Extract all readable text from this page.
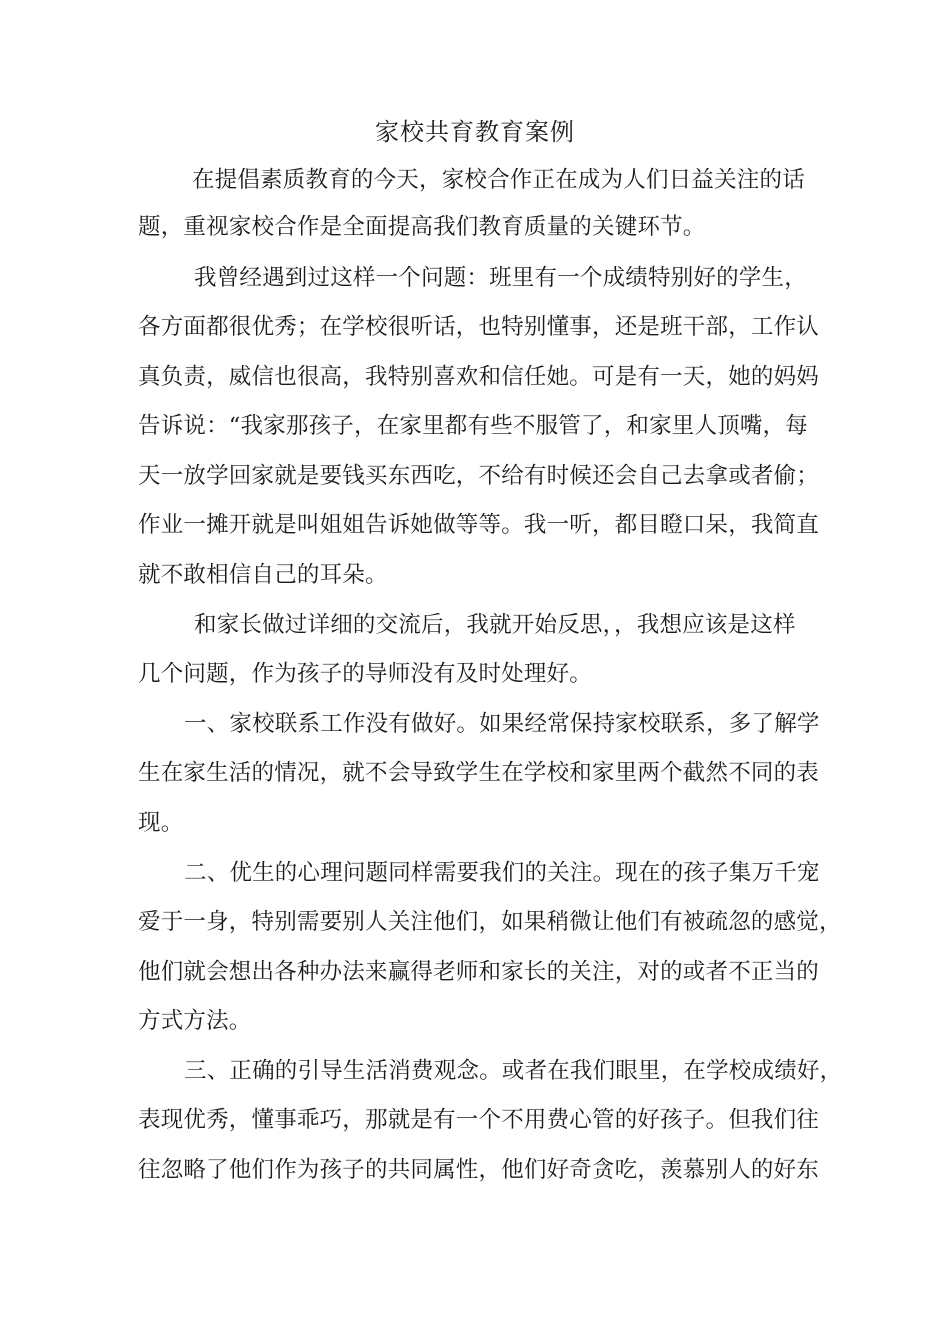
家校共育教育案例
在提倡素质教育的今天，家校合作正在成为人们日益关注的话
题，重视家校合作是全面提高我们教育质量的关键环节。
我曾经遇到过这样一个问题：班里有一个成绩特别好的学生，
各方面都很优秀；在学校很听话，也特别懂事，还是班干部，工作认
真负责，威信也很高，我特别喜欢和信任她。可是有一天，她的妈妈
告诉说：“我家那孩子，在家里都有些不服管了，和家里人顶嘴，每
天一放学回家就是要钱买东西吃，不给有时候还会自己去拿或者偷；
作业一摊开就是叫姐姐告诉她做等等。我一听，都目瞪口呆，我简直
就不敢相信自己的耳朵。
和家长做过详细的交流后，我就开始反思，，我想应该是这样
几个问题，作为孩子的导师没有及时处理好。
一、家校联系工作没有做好。如果经常保持家校联系，多了解学
生在家生活的情况，就不会导致学生在学校和家里两个截然不同的表
现。
二、优生的心理问题同样需要我们的关注。现在的孩子集万千宠
爱于一身，特别需要别人关注他们，如果稍微让他们有被疏忽的感觉，
他们就会想出各种办法来赢得老师和家长的关注，对的或者不正当的
方式方法。
三、正确的引导生活消费观念。或者在我们眼里，在学校成绩好，
表现优秀，懂事乖巧，那就是有一个不用费心管的好孩子。但我们往
往忽略了他们作为孩子的共同属性，他们好奇贪吃，羡慕别人的好东
